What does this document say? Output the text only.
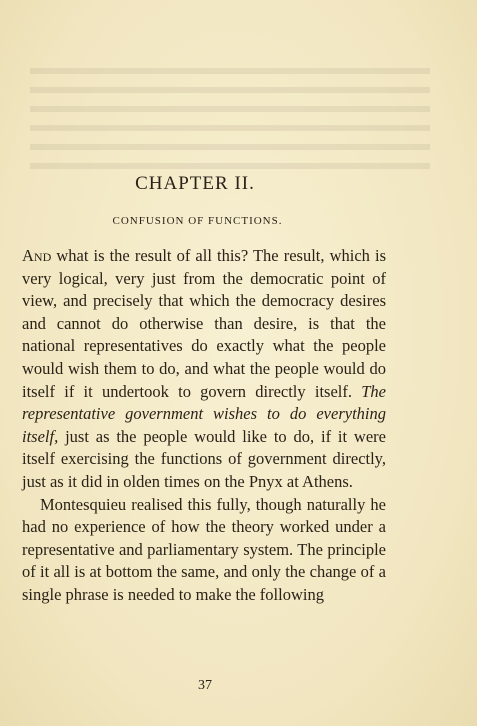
CHAPTER II.
CONFUSION OF FUNCTIONS.

And what is the result of all this? The result, which is very logical, very just from the democratic point of view, and precisely that which the democracy desires and cannot do otherwise than desire, is that the national representatives do exactly what the people would wish them to do, and what the people would do itself if it undertook to govern directly itself. The representative government wishes to do everything itself, just as the people would like to do, if it were itself exercising the functions of government directly, just as it did in olden times on the Pnyx at Athens.

Montesquieu realised this fully, though naturally he had no experience of how the theory worked under a representative and parliamentary system. The principle of it all is at bottom the same, and only the change of a single phrase is needed to make the following

37
